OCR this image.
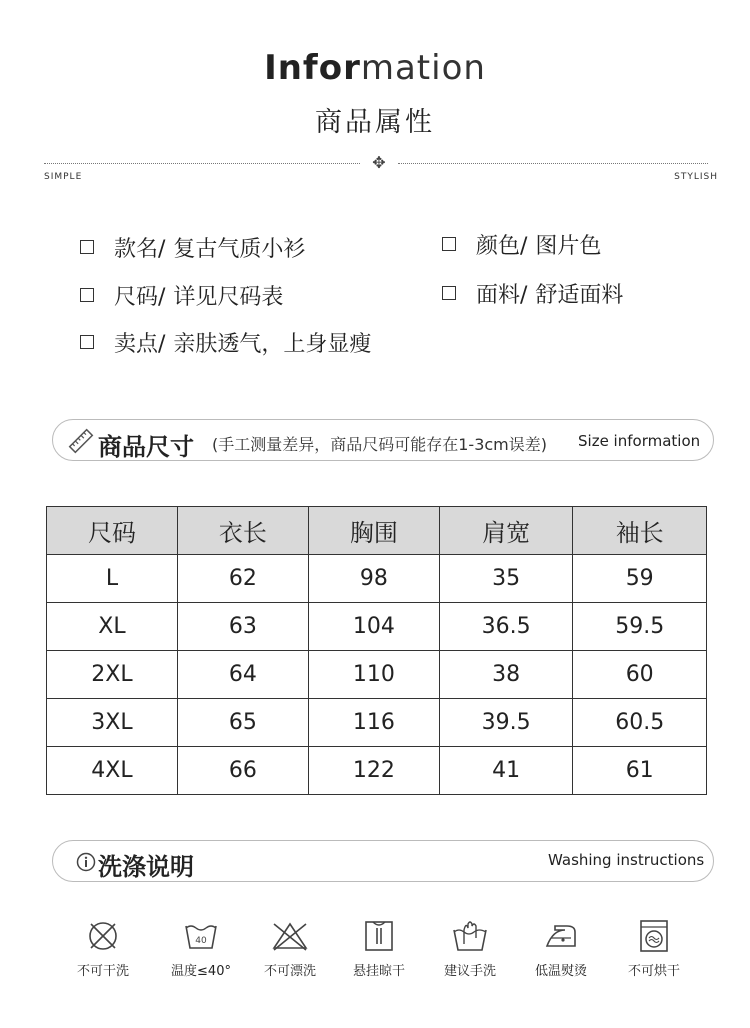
Information
商品属性
✥
SIMPLE	STYLISH
款名/ 复古气质小衫	颜色/ 图片色
尺码/ 详见尺码表	面料/ 舒适面料
卖点/ 亲肤透气，上身显瘦
商品尺寸 (手工测量差异，商品尺码可能存在1-3cm误差) Size information
尺码	衣长	胸围	肩宽	袖长
L	62	98	35	59
XL	63	104	36.5	59.5
2XL	64	110	38	60
3XL	65	116	39.5	60.5
4XL	66	122	41	61
洗涤说明	Washing instructions
不可干洗
40
温度≤40°	不可漂洗	悬挂晾干	建议手洗	低温熨烫	不可烘干
